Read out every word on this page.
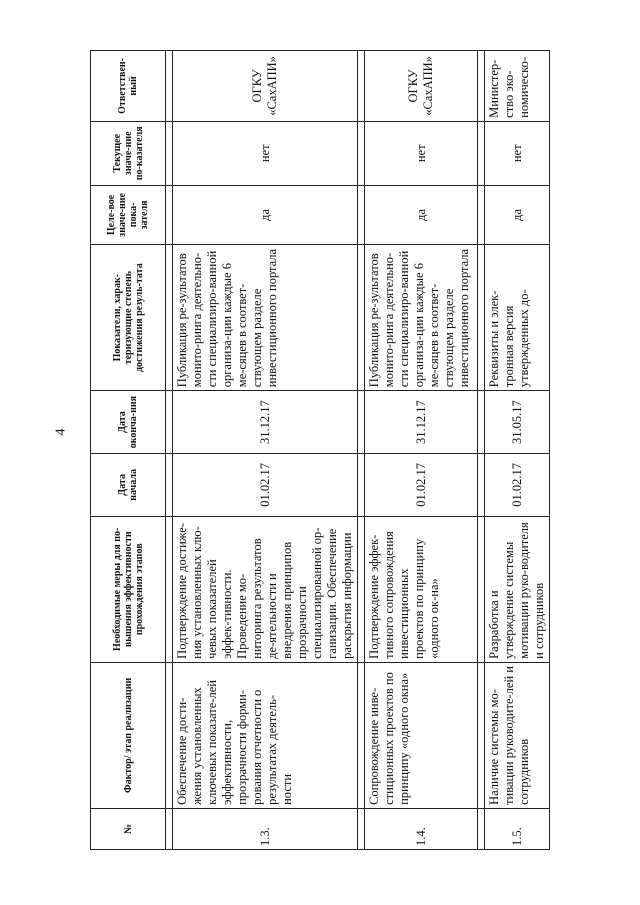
4
№	Фактор/ этап реализации	Необходимые меры для по-вышения эффективности прохождения этапов	Дата начала	Дата оконча-ния	Показатели, харак-теризующие степень достижения резуль-тата	Целе-вое значе-ние пока-зателя	Текущее значе-ние по-казателя	Ответствен-ный

1.3.	Обеспечение дости-жения установленных ключевых показате-лей эффективности, прозрачности форми-рования отчетности о результатах деятель-ности	Подтверждение достиже-ния установленных клю-чевых показателей эффек-тивности. Проведение мо-ниторинга результатов де-ятельности и внедрения принципов прозрачности специализированной ор-ганизации. Обеспечение раскрытия информации	01.02.17	31.12.17	Публикация ре-зультатов монито-ринга деятельно-сти специализиро-ванной организа-ции каждые 6 ме-сяцев в соответ-ствующем разделе инвестиционного портала	да	нет	ОГКУ «СахАПИ»

1.4.	Сопровождение инве-стиционных проектов по принципу «одного окна»	Подтверждение эффек-тивного сопровождения инвестиционных проектов по принципу «одного ок-на»	01.02.17	31.12.17	Публикация ре-зультатов монито-ринга деятельно-сти специализиро-ванной организа-ции каждые 6 ме-сяцев в соответ-ствующем разделе инвестиционного портала	да	нет	ОГКУ «СахАПИ»

1.5.	Наличие системы мо-тивации руководите-лей и сотрудников	Разработка и утверждение системы мотивации руко-водителя и сотрудников	01.02.17	31.05.17	Реквизиты и элек-тронная версия утвержденных до-	да	нет	Министер-ство эко-номическо-
